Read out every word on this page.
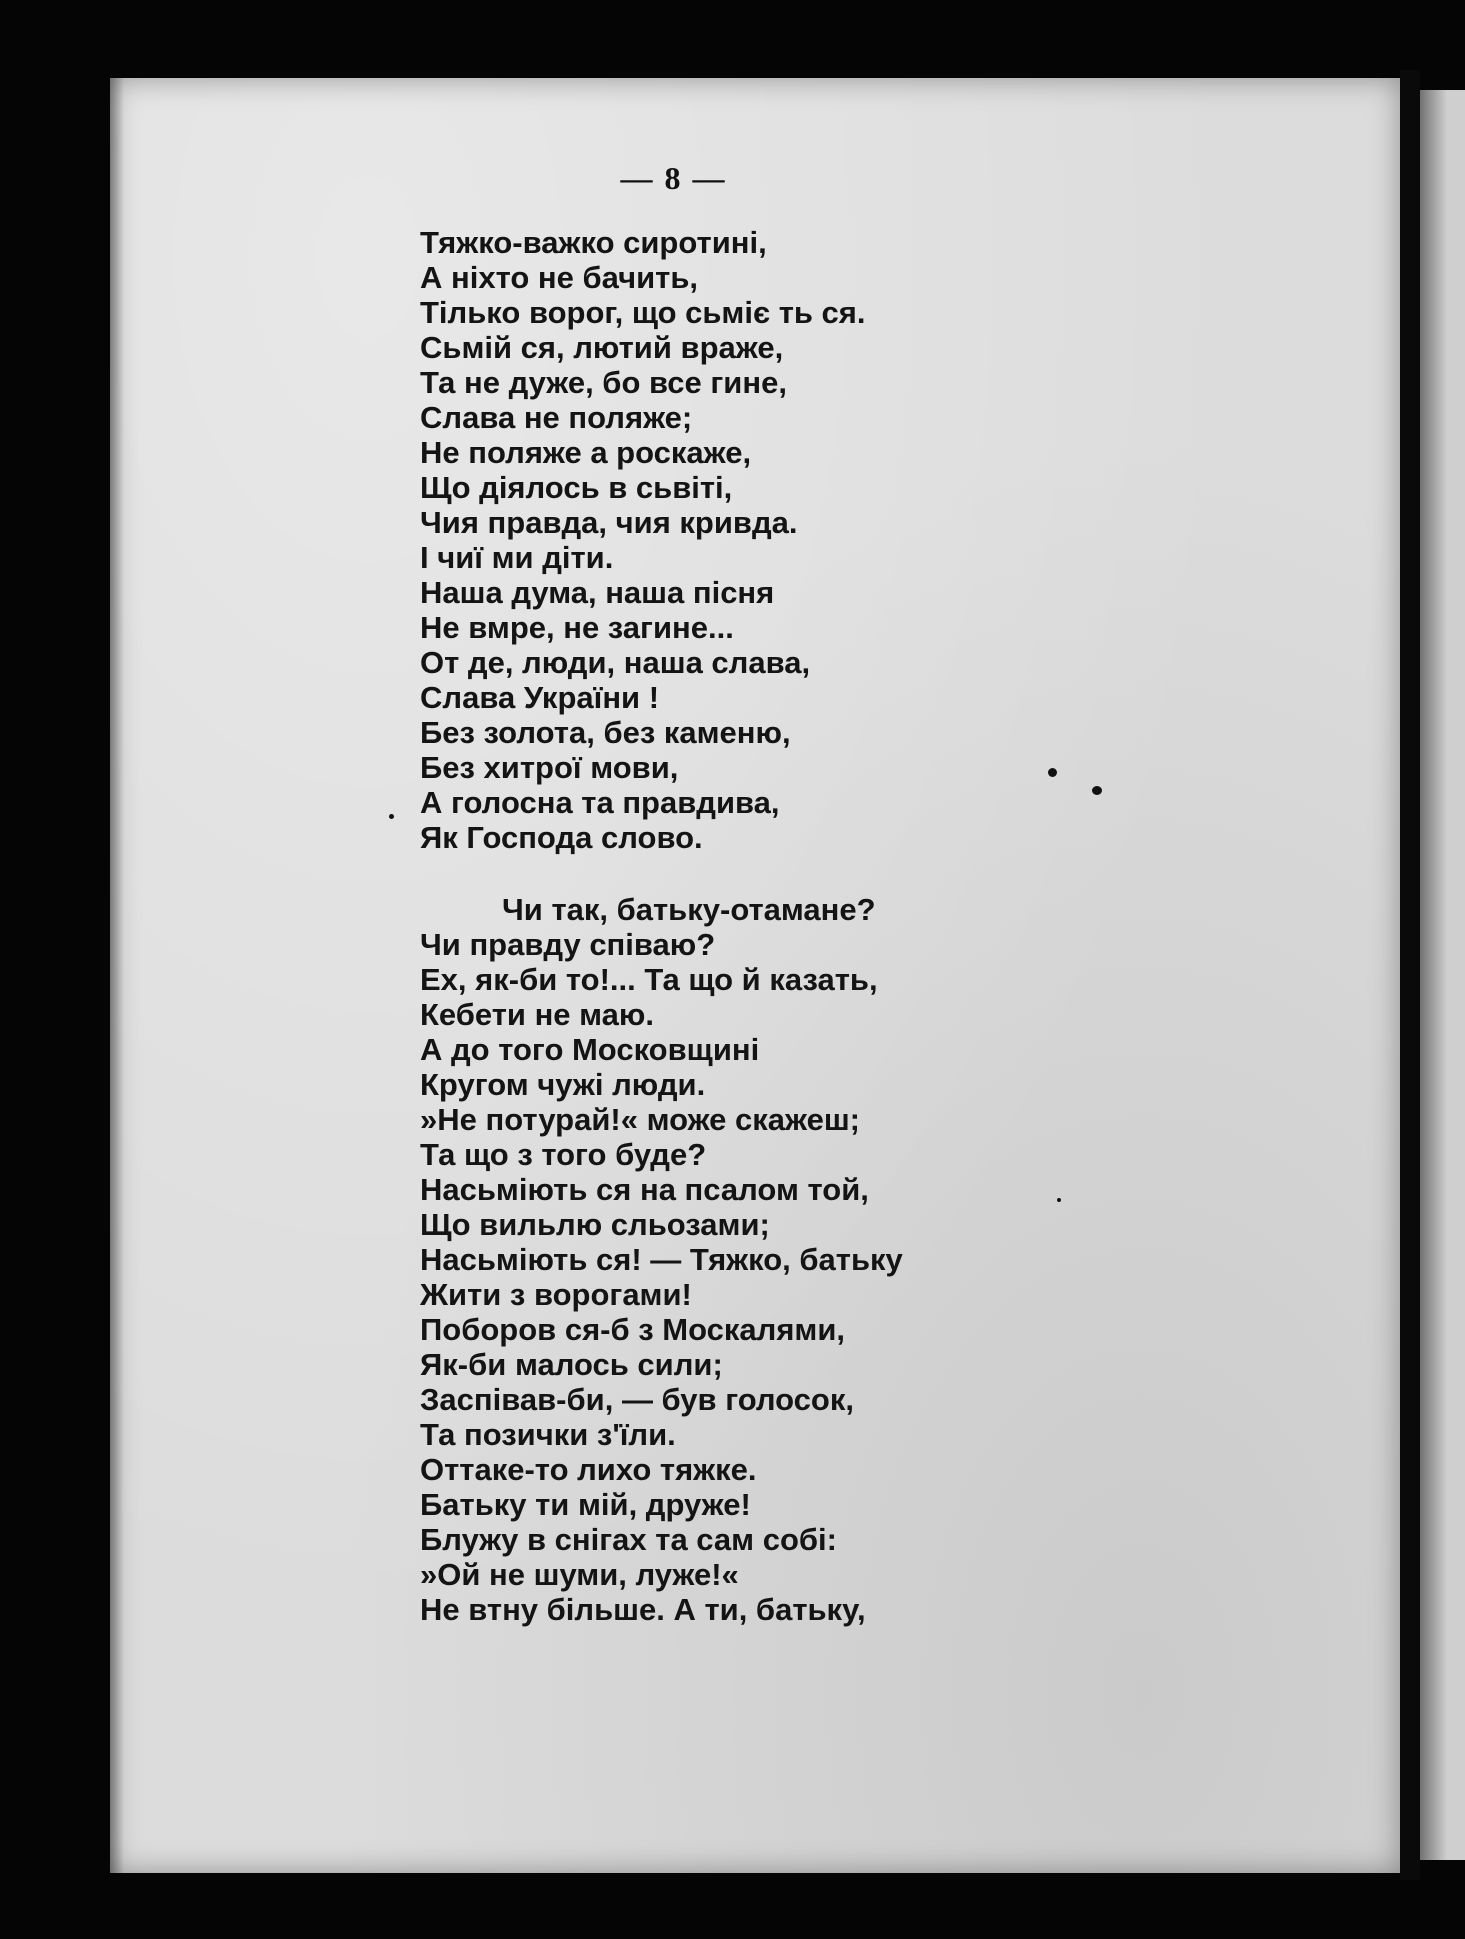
— 8 —
Тяжко-важко сиротині,
А ніхто не бачить,
Тілько ворог, що сьміє ть ся.
Сьмій ся, лютий враже,
Та не дуже, бо все гине,
Слава не поляже;
Не поляже а роскаже,
Що діялось в сьвіті,
Чия правда, чия кривда.
І чиї ми діти.
Наша дума, наша пісня
Не вмре, не загине...
От де, люди, наша слава,
Слава України !
Без золота, без каменю,
Без хитрої мови,
А голосна та правдива,
Як Господа слово.
Чи так, батьку-отамане?
Чи правду співаю?
Ех, як-би то!... Та що й казать,
Кебети не маю.
А до того Московщині
Кругом чужі люди.
»Не потурай!« може скажеш;
Та що з того буде?
Насьміють ся на псалом той,
Що вильлю сльозами;
Насьміють ся! — Тяжко, батьку
Жити з ворогами!
Поборов ся-б з Москалями,
Як-би малось сили;
Заспівав-би, — був голосок,
Та позички з'їли.
Оттаке-то лихо тяжке.
Батьку ти мій, друже!
Блужу в снігах та сам собі:
»Ой не шуми, луже!«
Не втну більше. А ти, батьку,
